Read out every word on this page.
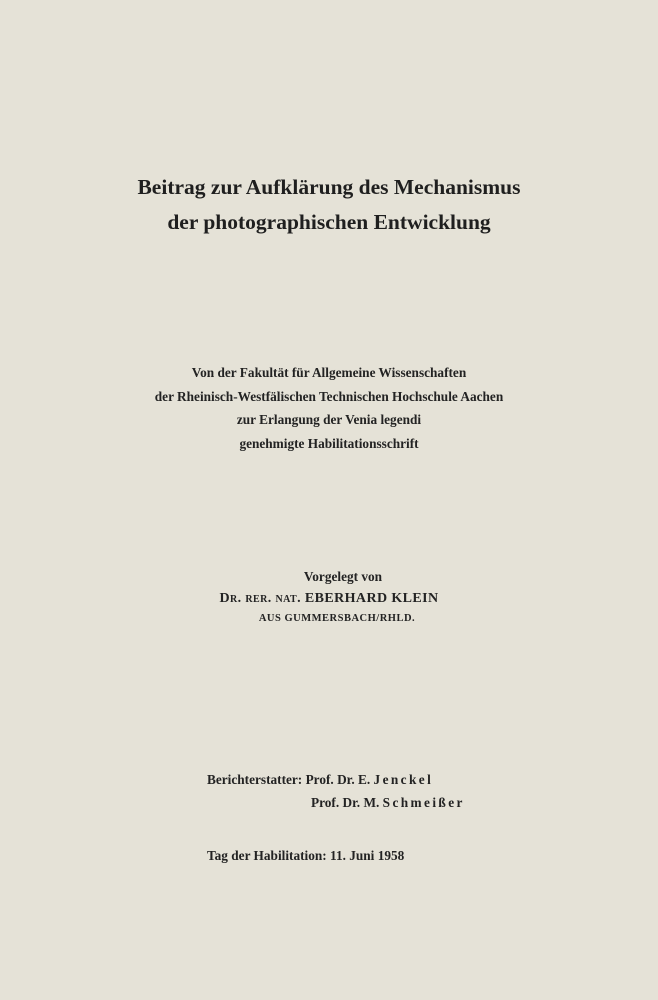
Beitrag zur Aufklärung des Mechanismus
der photographischen Entwicklung
Von der Fakultät für Allgemeine Wissenschaften
der Rheinisch-Westfälischen Technischen Hochschule Aachen
zur Erlangung der Venia legendi
genehmigte Habilitationsschrift
Vorgelegt von
Dr. rer. nat. EBERHARD KLEIN
AUS GUMMERSBACH/RHLD.
Berichterstatter: Prof. Dr. E. Jenckel
Prof. Dr. M. Schmeißer
Tag der Habilitation: 11. Juni 1958
